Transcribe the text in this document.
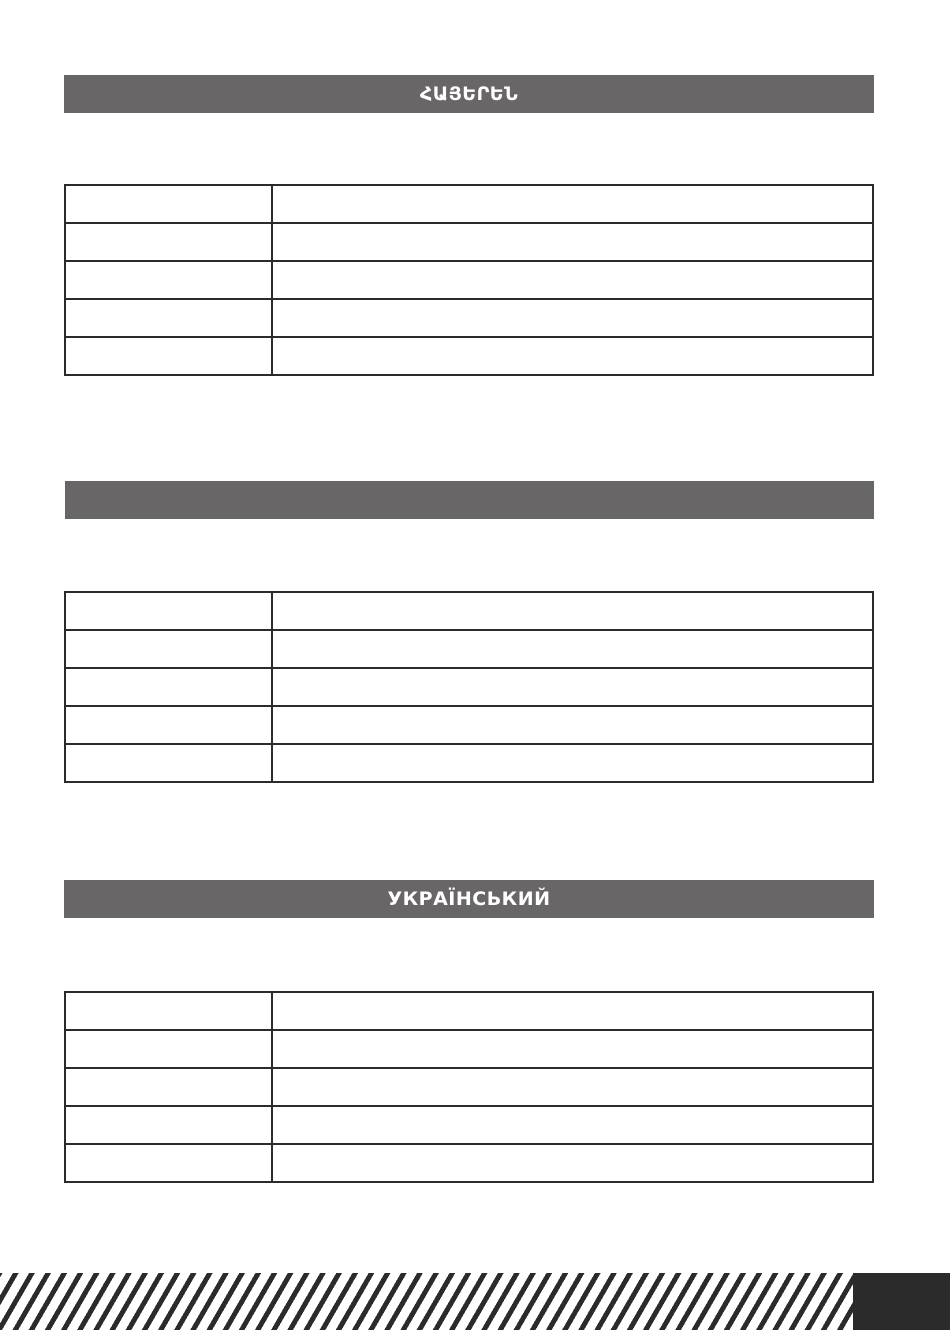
ՀԱՅԵՐԵՆ

УКРАЇНСЬКИЙ
